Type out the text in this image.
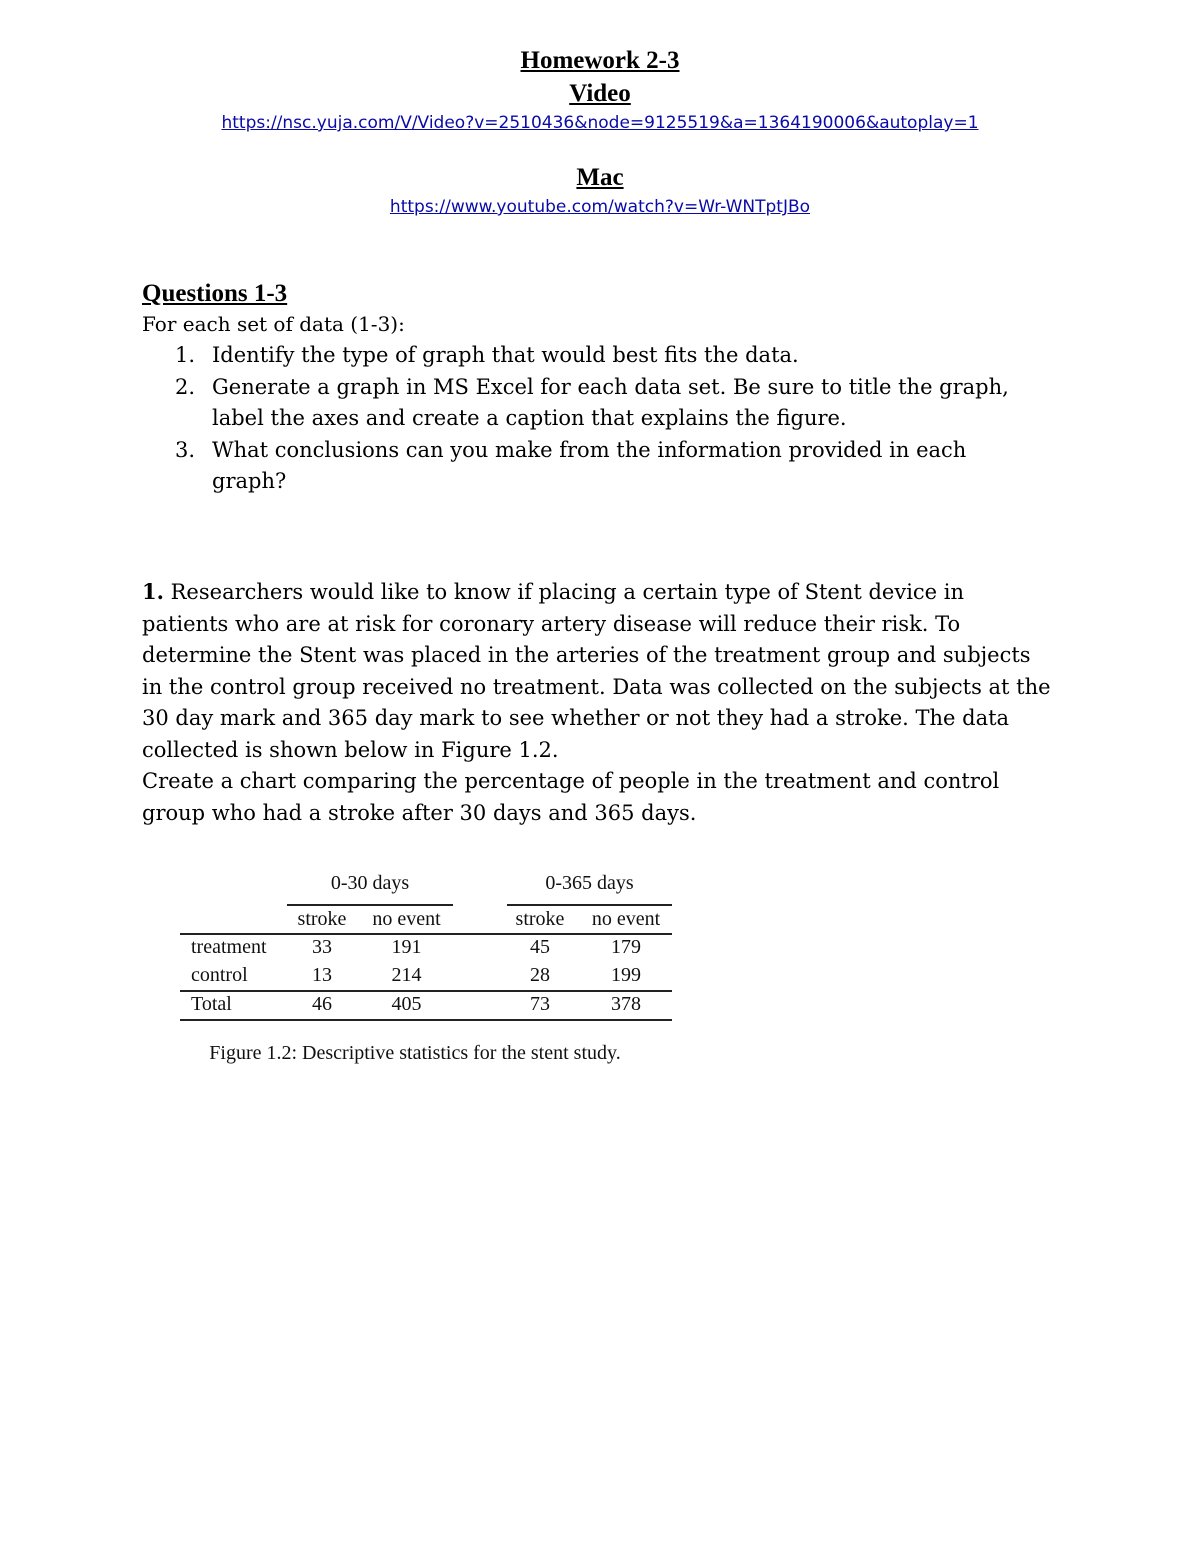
Homework 2-3
Video
https://nsc.yuja.com/V/Video?v=2510436&node=9125519&a=1364190006&autoplay=1
Mac
https://www.youtube.com/watch?v=Wr-WNTptJBo
Questions 1-3
For each set of data (1-3):
1. Identify the type of graph that would best fits the data.
2. Generate a graph in MS Excel for each data set. Be sure to title the graph, label the axes and create a caption that explains the figure.
3. What conclusions can you make from the information provided in each graph?

1. Researchers would like to know if placing a certain type of Stent device in patients who are at risk for coronary artery disease will reduce their risk. To determine the Stent was placed in the arteries of the treatment group and subjects in the control group received no treatment. Data was collected on the subjects at the 30 day mark and 365 day mark to see whether or not they had a stroke. The data collected is shown below in Figure 1.2.

Create a chart comparing the percentage of people in the treatment and control group who had a stroke after 30 days and 365 days.

0-30 days	0-365 days
stroke	no event	stroke	no event
treatment	33	191	45	179
control	13	214	28	199
Total	46	405	73	378
Figure 1.2: Descriptive statistics for the stent study.
